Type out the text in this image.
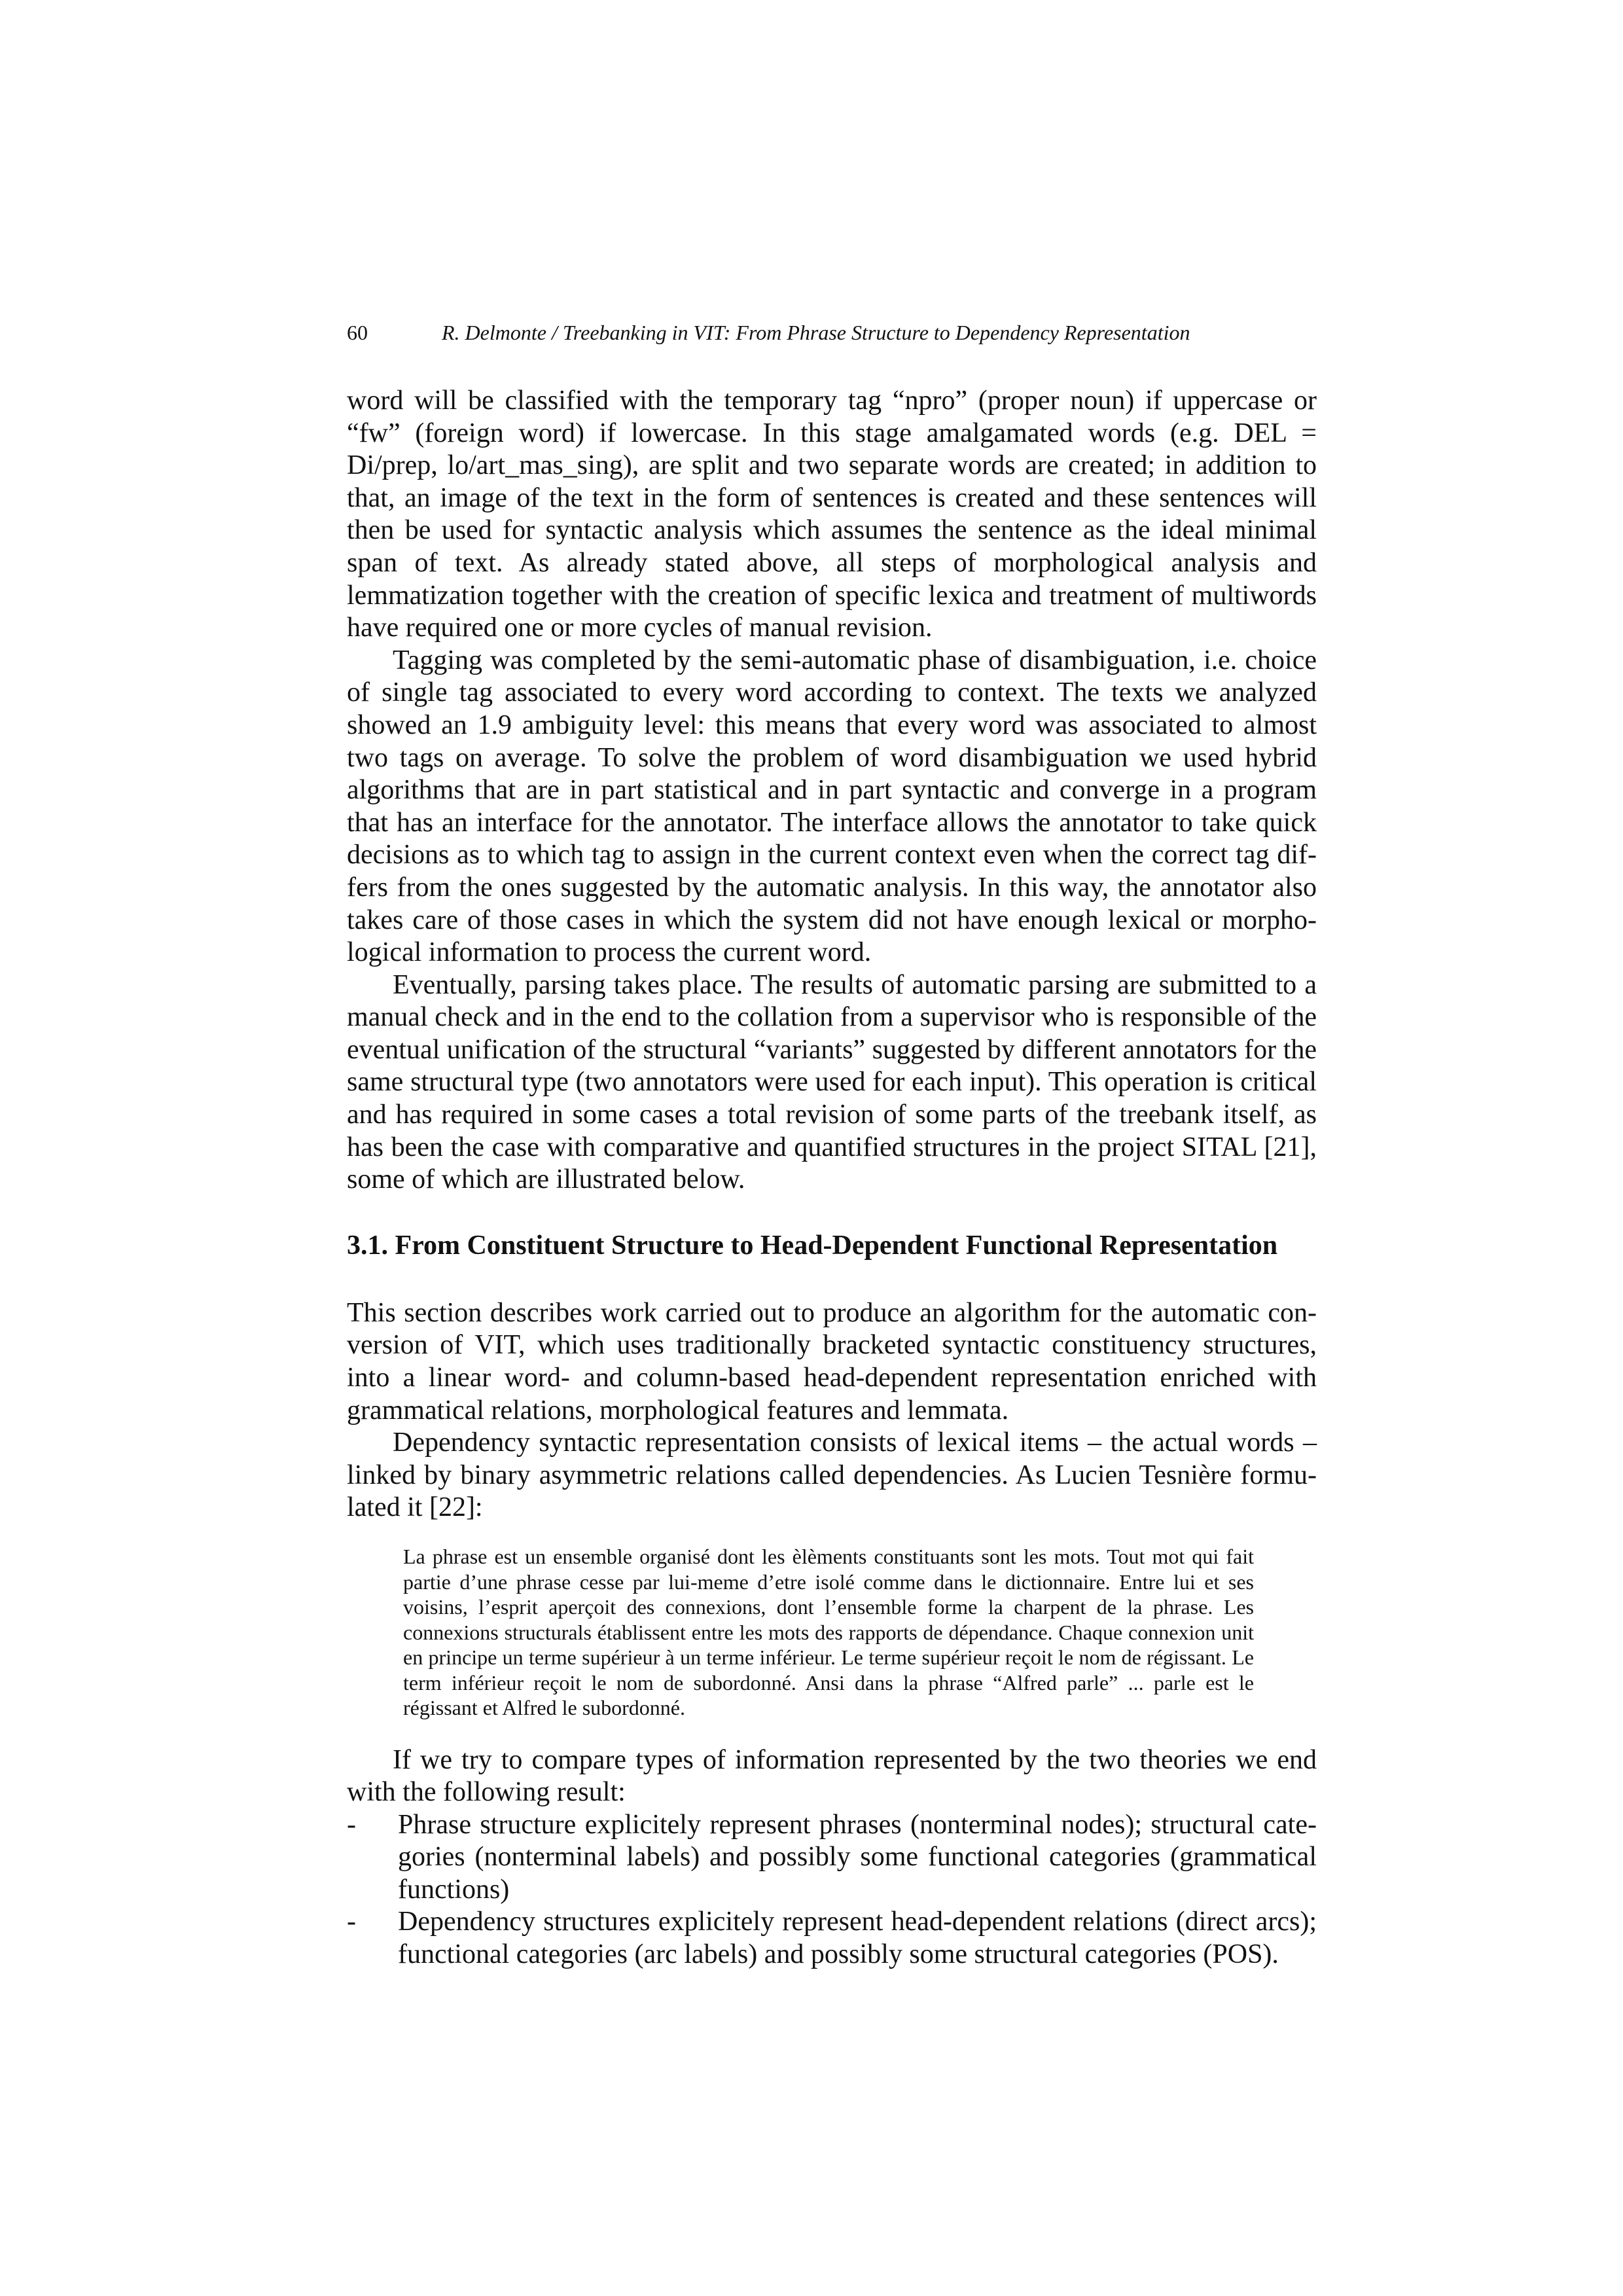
60	R. Delmonte / Treebanking in VIT: From Phrase Structure to Dependency Representation

word will be classified with the temporary tag “npro” (proper noun) if uppercase or “fw” (foreign word) if lowercase. In this stage amalgamated words (e.g. DEL = Di/prep, lo/art_mas_sing), are split and two separate words are created; in addition to that, an image of the text in the form of sentences is created and these sentences will then be used for syntactic analysis which assumes the sentence as the ideal minimal span of text. As already stated above, all steps of morphological analysis and lemmatization together with the creation of specific lexica and treatment of multiwords have required one or more cycles of manual revision.

Tagging was completed by the semi-automatic phase of disambiguation, i.e. choice of single tag associated to every word according to context. The texts we analyzed showed an 1.9 ambiguity level: this means that every word was associated to almost two tags on average. To solve the problem of word disambiguation we used hybrid algorithms that are in part statistical and in part syntactic and converge in a program that has an interface for the annotator. The interface allows the annotator to take quick decisions as to which tag to assign in the current context even when the correct tag differs from the ones suggested by the automatic analysis. In this way, the annotator also takes care of those cases in which the system did not have enough lexical or morphological information to process the current word.

Eventually, parsing takes place. The results of automatic parsing are submitted to a manual check and in the end to the collation from a supervisor who is responsible of the eventual unification of the structural “variants” suggested by different annotators for the same structural type (two annotators were used for each input). This operation is critical and has required in some cases a total revision of some parts of the treebank itself, as has been the case with comparative and quantified structures in the project SITAL [21], some of which are illustrated below.

3.1. From Constituent Structure to Head-Dependent Functional Representation

This section describes work carried out to produce an algorithm for the automatic conversion of VIT, which uses traditionally bracketed syntactic constituency structures, into a linear word- and column-based head-dependent representation enriched with grammatical relations, morphological features and lemmata.

Dependency syntactic representation consists of lexical items – the actual words – linked by binary asymmetric relations called dependencies. As Lucien Tesnière formulated it [22]:

La phrase est un ensemble organisé dont les èlèments constituants sont les mots. Tout mot qui fait partie d’une phrase cesse par lui-meme d’etre isolé comme dans le dictionnaire. Entre lui et ses voisins, l’esprit aperçoit des connexions, dont l’ensemble forme la charpent de la phrase. Les connexions structurals établissent entre les mots des rapports de dépendance. Chaque connexion unit en principe un terme supérieur à un terme inférieur. Le terme supérieur reçoit le nom de régissant. Le term inférieur reçoit le nom de subordonné. Ansi dans la phrase “Alfred parle” ... parle est le régissant et Alfred le subordonné.

If we try to compare types of information represented by the two theories we end with the following result:

- Phrase structure explicitely represent phrases (nonterminal nodes); structural categories (nonterminal labels) and possibly some functional categories (grammatical functions)
- Dependency structures explicitely represent head-dependent relations (direct arcs); functional categories (arc labels) and possibly some structural categories (POS).
